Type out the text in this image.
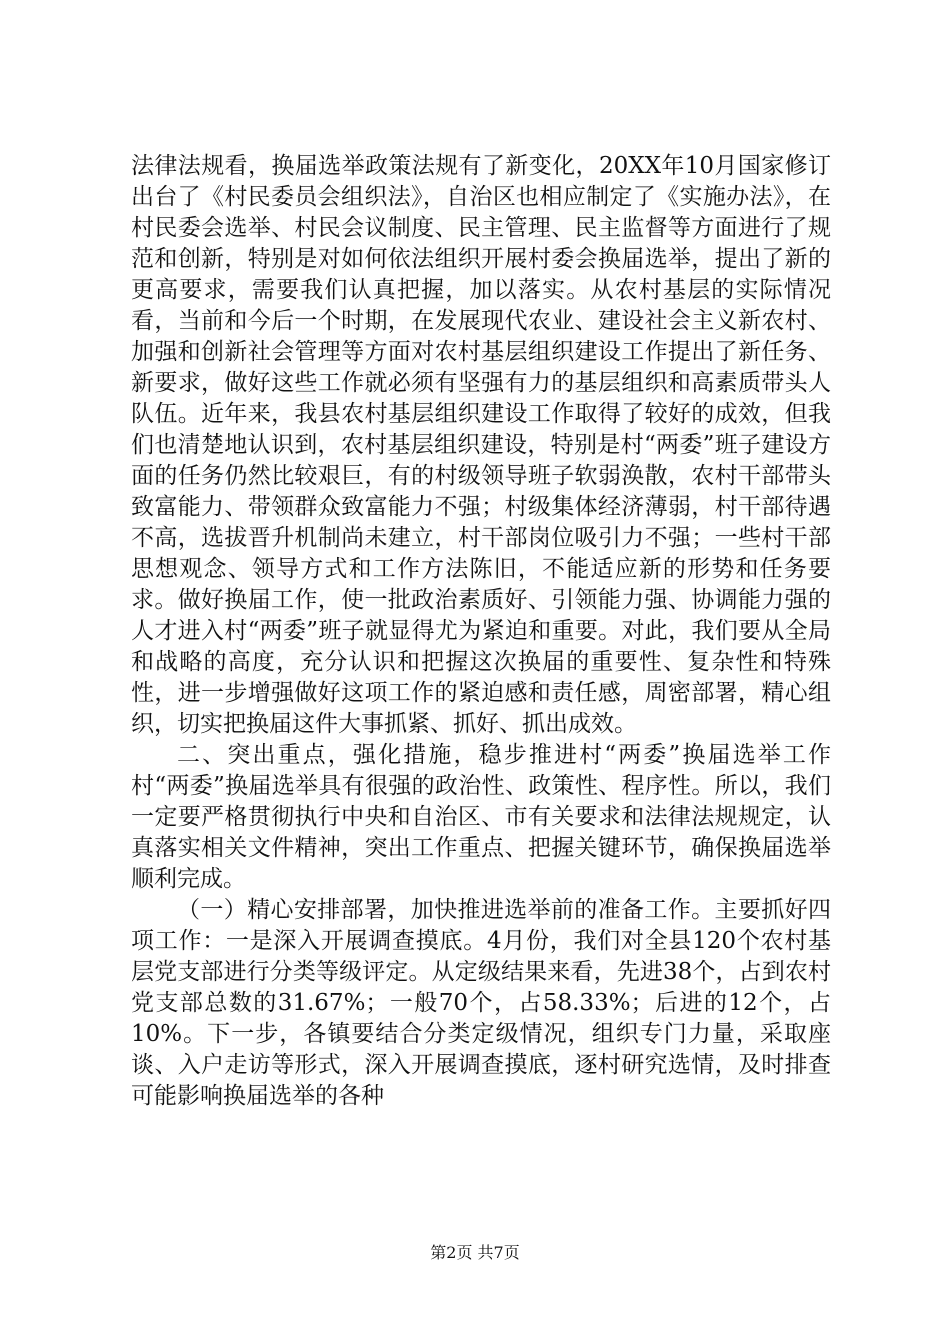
法律法规看，换届选举政策法规有了新变化，20XX年10月国家修订出台了《村民委员会组织法》，自治区也相应制定了《实施办法》，在村民委会选举、村民会议制度、民主管理、民主监督等方面进行了规范和创新，特别是对如何依法组织开展村委会换届选举，提出了新的更高要求，需要我们认真把握，加以落实。从农村基层的实际情况看，当前和今后一个时期，在发展现代农业、建设社会主义新农村、加强和创新社会管理等方面对农村基层组织建设工作提出了新任务、新要求，做好这些工作就必须有坚强有力的基层组织和高素质带头人队伍。近年来，我县农村基层组织建设工作取得了较好的成效，但我们也清楚地认识到，农村基层组织建设，特别是村“两委”班子建设方面的任务仍然比较艰巨，有的村级领导班子软弱涣散，农村干部带头致富能力、带领群众致富能力不强；村级集体经济薄弱，村干部待遇不高，选拔晋升机制尚未建立，村干部岗位吸引力不强；一些村干部思想观念、领导方式和工作方法陈旧，不能适应新的形势和任务要求。做好换届工作，使一批政治素质好、引领能力强、协调能力强的人才进入村“两委”班子就显得尤为紧迫和重要。对此，我们要从全局和战略的高度，充分认识和把握这次换届的重要性、复杂性和特殊性，进一步增强做好这项工作的紧迫感和责任感，周密部署，精心组织，切实把换届这件大事抓紧、抓好、抓出成效。

二、突出重点，强化措施，稳步推进村“两委”换届选举工作村“两委”换届选举具有很强的政治性、政策性、程序性。所以，我们一定要严格贯彻执行中央和自治区、市有关要求和法律法规规定，认真落实相关文件精神，突出工作重点、把握关键环节，确保换届选举顺利完成。

（一）精心安排部署，加快推进选举前的准备工作。主要抓好四项工作：一是深入开展调查摸底。4月份，我们对全县120个农村基层党支部进行分类等级评定。从定级结果来看，先进38个，占到农村党支部总数的31.67%；一般70个，占58.33%；后进的12个，占10%。下一步，各镇要结合分类定级情况，组织专门力量，采取座谈、入户走访等形式，深入开展调查摸底，逐村研究选情，及时排查可能影响换届选举的各种

第2页 共7页
